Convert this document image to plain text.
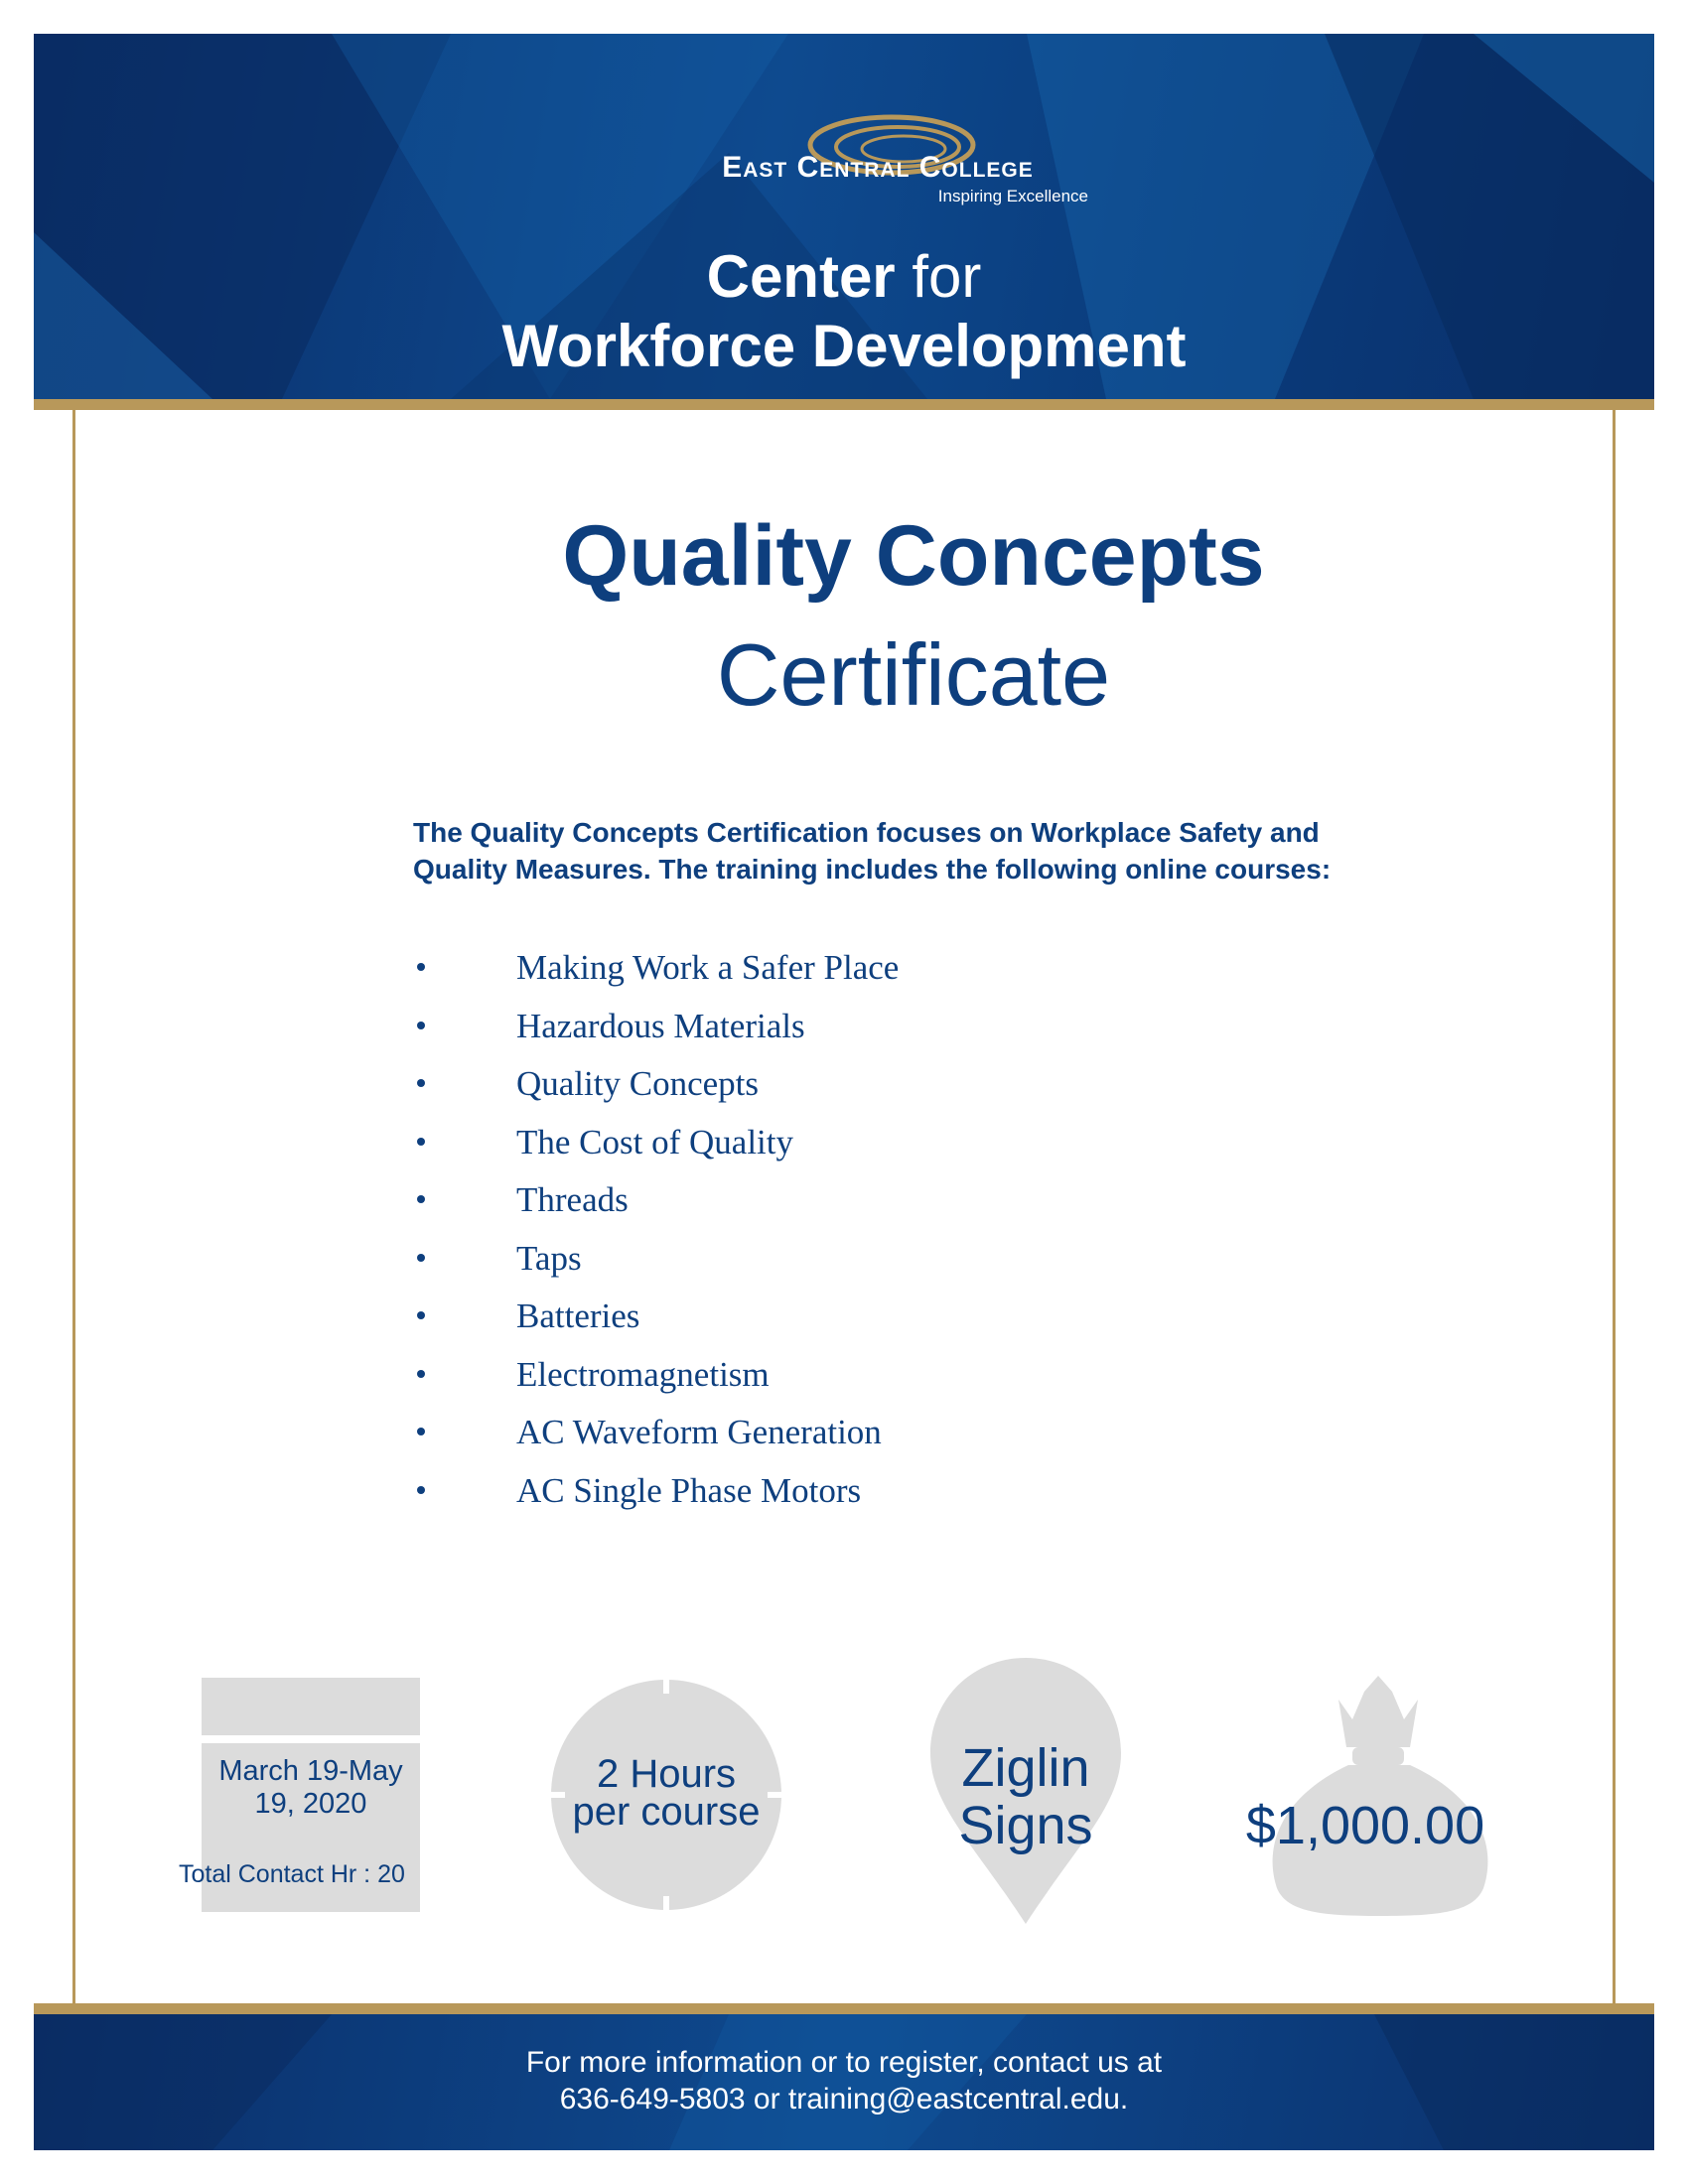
East Central College
Inspiring Excellence
Center for
Workforce Development
Quality Concepts
Certificate
The Quality Concepts Certification focuses on Workplace Safety and
Quality Measures. The training includes the following online courses:
Making Work a Safer Place
Hazardous Materials
Quality Concepts
The Cost of Quality
Threads
Taps
Batteries
Electromagnetism
AC Waveform Generation
AC Single Phase Motors
March 19-May
19, 2020
Total Contact Hr : 20
2 Hours
per course
Ziglin
Signs	$1,000.00
For more information or to register, contact us at
636-649-5803 or training@eastcentral.edu.
